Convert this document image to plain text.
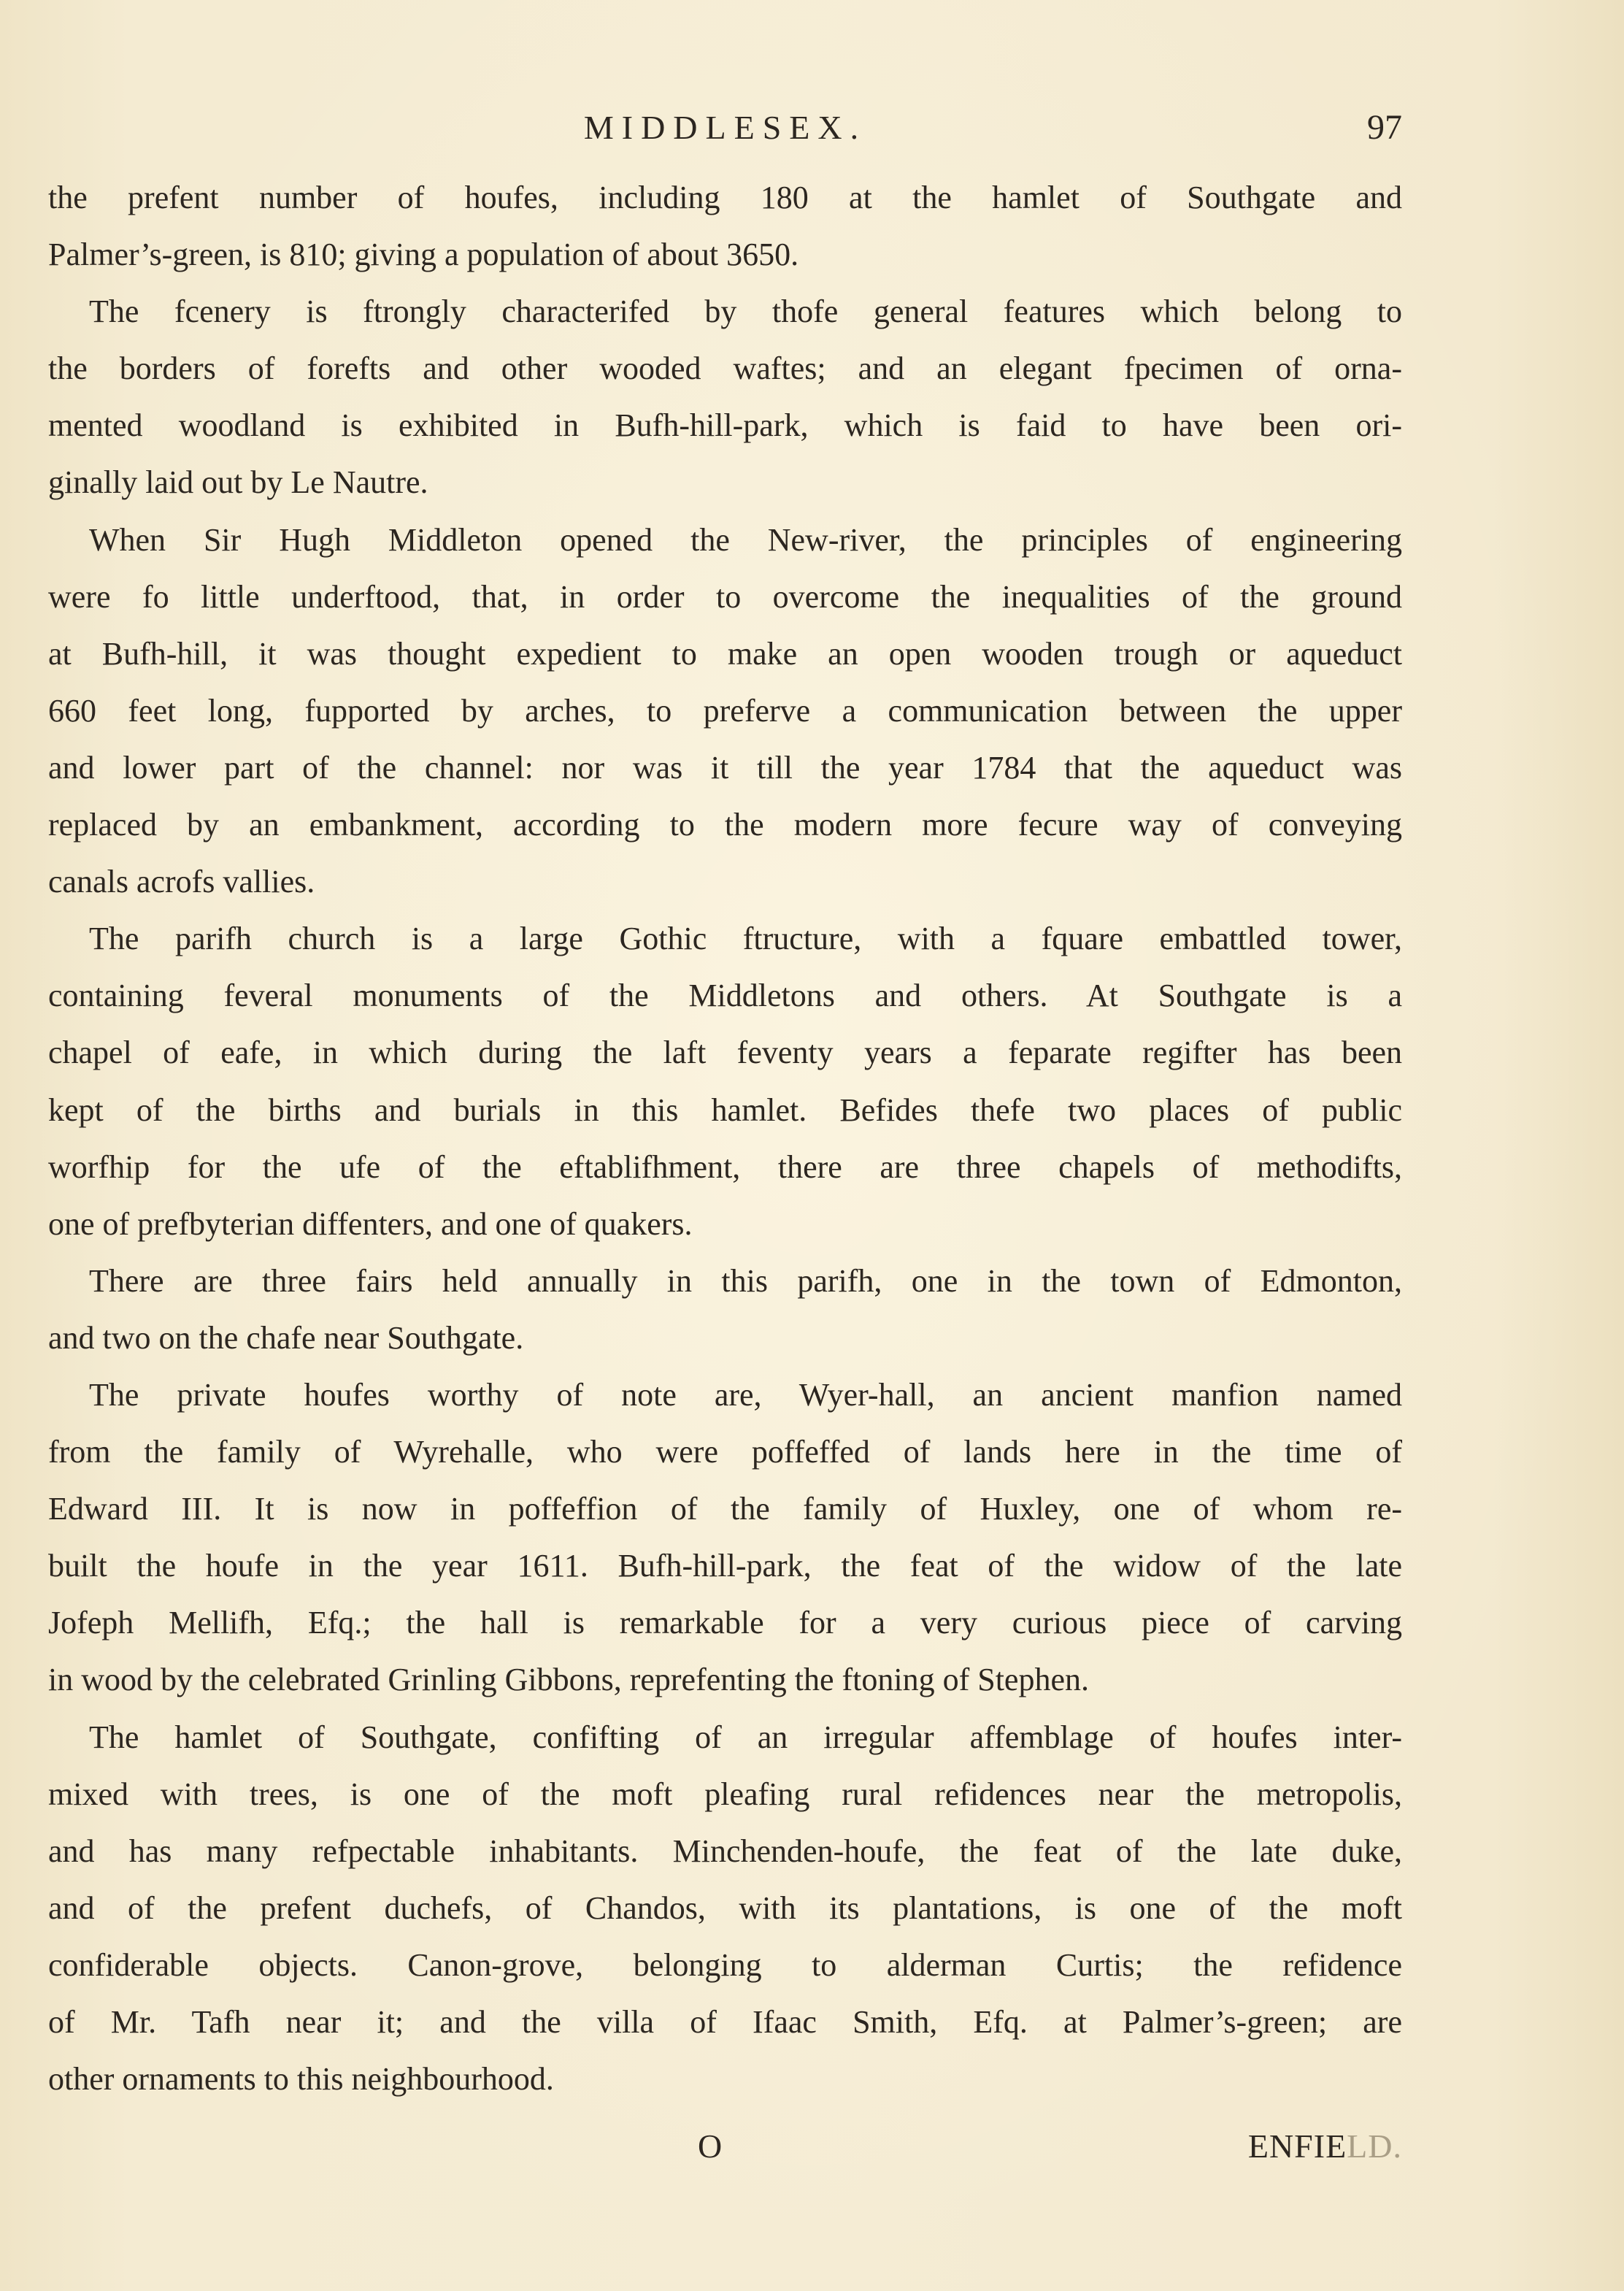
MIDDLESEX.	97

the prefent number of houfes, including 180 at the hamlet of Southgate and
Palmer’s-green, is 810; giving a population of about 3650.

The fcenery is ftrongly characterifed by thofe general features which belong to
the borders of forefts and other wooded waftes; and an elegant fpecimen of orna-
mented woodland is exhibited in Bufh-hill-park, which is faid to have been ori-
ginally laid out by Le Nautre.

When Sir Hugh Middleton opened the New-river, the principles of engineering
were fo little underftood, that, in order to overcome the inequalities of the ground
at Bufh-hill, it was thought expedient to make an open wooden trough or aqueduct
660 feet long, fupported by arches, to preferve a communication between the upper
and lower part of the channel: nor was it till the year 1784 that the aqueduct was
replaced by an embankment, according to the modern more fecure way of conveying
canals acrofs vallies.

The parifh church is a large Gothic ftructure, with a fquare embattled tower,
containing feveral monuments of the Middletons and others. At Southgate is a
chapel of eafe, in which during the laft feventy years a feparate regifter has been
kept of the births and burials in this hamlet. Befides thefe two places of public
worfhip for the ufe of the eftablifhment, there are three chapels of methodifts,
one of prefbyterian diffenters, and one of quakers.

There are three fairs held annually in this parifh, one in the town of Edmonton,
and two on the chafe near Southgate.

The private houfes worthy of note are, Wyer-hall, an ancient manfion named
from the family of Wyrehalle, who were poffeffed of lands here in the time of
Edward III. It is now in poffeffion of the family of Huxley, one of whom re-
built the houfe in the year 1611. Bufh-hill-park, the feat of the widow of the late
Jofeph Mellifh, Efq.; the hall is remarkable for a very curious piece of carving
in wood by the celebrated Grinling Gibbons, reprefenting the ftoning of Stephen.

The hamlet of Southgate, confifting of an irregular affemblage of houfes inter-
mixed with trees, is one of the moft pleafing rural refidences near the metropolis,
and has many refpectable inhabitants. Minchenden-houfe, the feat of the late duke,
and of the prefent duchefs, of Chandos, with its plantations, is one of the moft
confiderable objects. Canon-grove, belonging to alderman Curtis; the refidence
of Mr. Tafh near it; and the villa of Ifaac Smith, Efq. at Palmer’s-green; are
other ornaments to this neighbourhood.

O	ENFIELD.
